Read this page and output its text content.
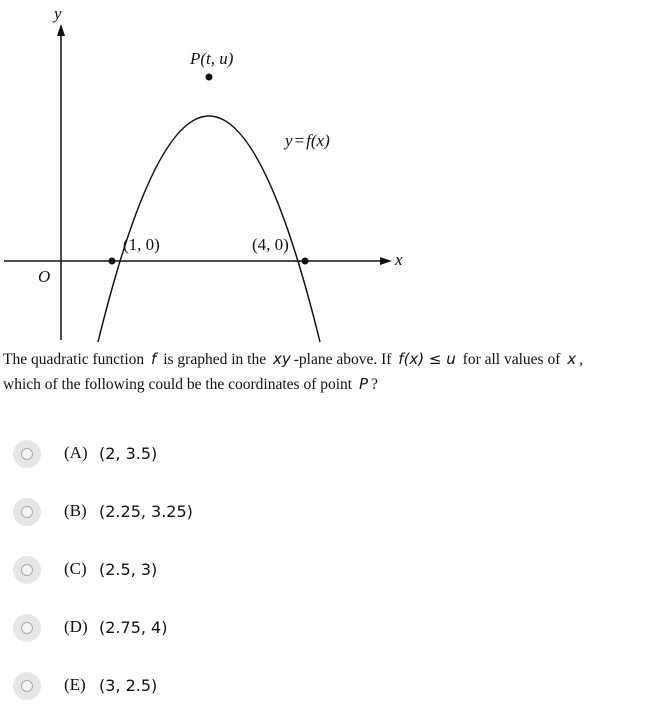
y
x
O
P(t, u)
y = f(x)
(1, 0)	(4, 0)
The quadratic function f is graphed in the xy -plane above. If f(x) ≤ u for all values of x ,
which of the following could be the coordinates of point P ?
(A) (2, 3.5)
(B) (2.25, 3.25)
(C) (2.5, 3)
(D) (2.75, 4)
(E) (3, 2.5)
